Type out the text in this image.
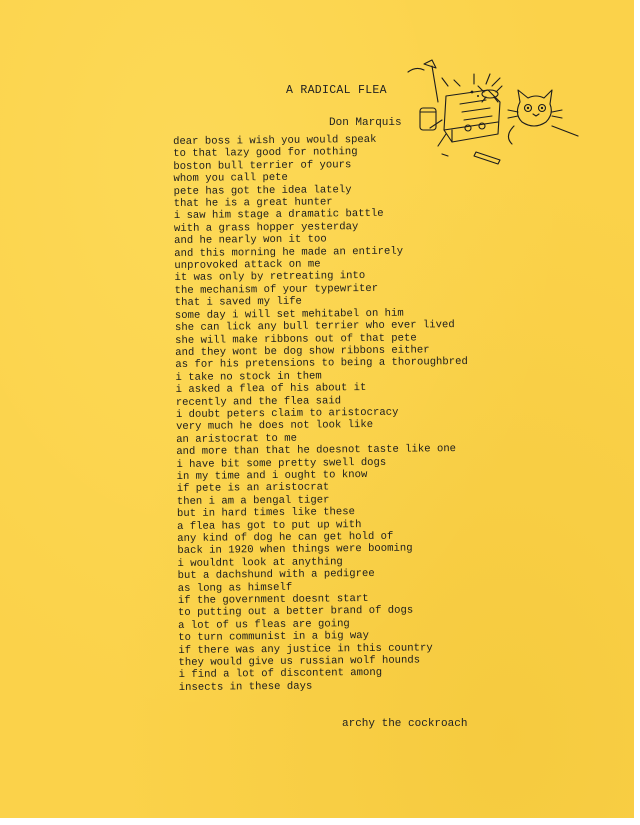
A RADICAL FLEA
Don Marquis
dear boss i wish you would speak
to that lazy good for nothing
boston bull terrier of yours
whom you call pete
pete has got the idea lately
that he is a great hunter
i saw him stage a dramatic battle
with a grass hopper yesterday
and he nearly won it too
and this morning he made an entirely
unprovoked attack on me
it was only by retreating into
the mechanism of your typewriter
that i saved my life
some day i will set mehitabel on him
she can lick any bull terrier who ever lived
she will make ribbons out of that pete
and they wont be dog show ribbons either
as for his pretensions to being a thoroughbred
i take no stock in them
i asked a flea of his about it
recently and the flea said
i doubt peters claim to aristocracy
very much he does not look like
an aristocrat to me
and more than that he doesnot taste like one
i have bit some pretty swell dogs
in my time and i ought to know
if pete is an aristocrat
then i am a bengal tiger
but in hard times like these
a flea has got to put up with
any kind of dog he can get hold of
back in 1920 when things were booming
i wouldnt look at anything
but a dachshund with a pedigree
as long as himself
if the government doesnt start
to putting out a better brand of dogs
a lot of us fleas are going
to turn communist in a big way
if there was any justice in this country
they would give us russian wolf hounds
i find a lot of discontent among
insects in these days
archy the cockroach
